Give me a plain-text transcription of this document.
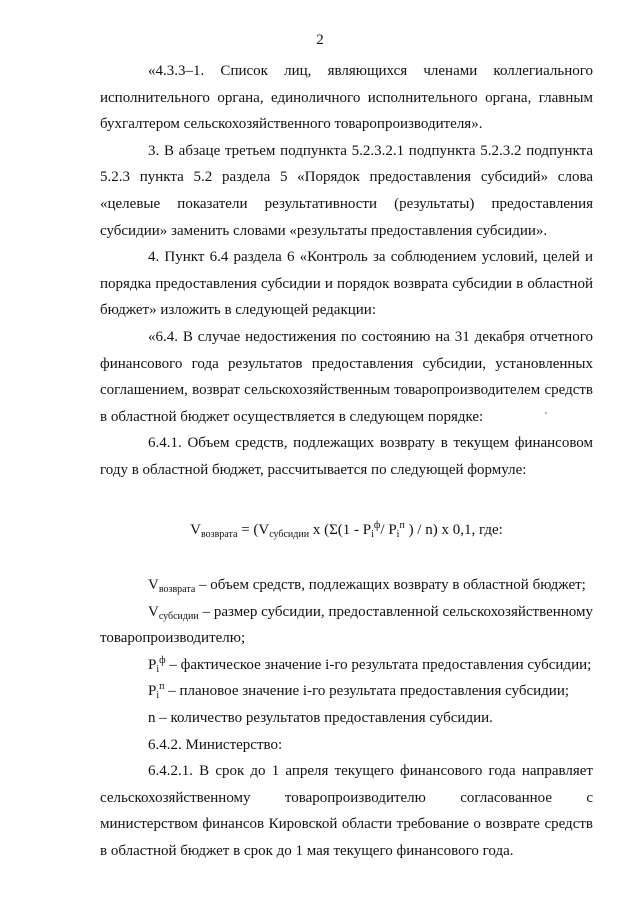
2

«4.3.3–1. Список лиц, являющихся членами коллегиального исполнительного органа, единоличного исполнительного органа, главным бухгалтером сельскохозяйственного товаропроизводителя».

3. В абзаце третьем подпункта 5.2.3.2.1 подпункта 5.2.3.2 подпункта 5.2.3 пункта 5.2 раздела 5 «Порядок предоставления субсидий» слова «целевые показатели результативности (результаты) предоставления субсидии» заменить словами «результаты предоставления субсидии».

4. Пункт 6.4 раздела 6 «Контроль за соблюдением условий, целей и порядка предоставления субсидии и порядок возврата субсидии в областной бюджет» изложить в следующей редакции:

«6.4. В случае недостижения по состоянию на 31 декабря отчетного финансового года результатов предоставления субсидии, установленных соглашением, возврат сельскохозяйственным товаропроизводителем средств в областной бюджет осуществляется в следующем порядке:

6.4.1. Объем средств, подлежащих возврату в текущем финансовом году в областной бюджет, рассчитывается по следующей формуле:

$V_{возврата} = (V_{субсидии}$ x ($\Sigma(1 - P_i^ф/$ $P_i^п$ ) / n) x 0,1, где:

$V_{возврата}$ – объем средств, подлежащих возврату в областной бюджет;

$V_{субсидии}$ – размер субсидии, предоставленной сельскохозяйственному товаропроизводителю;

$P_i^ф$ – фактическое значение i-го результата предоставления субсидии;

$P_i^п$ – плановое значение i-го результата предоставления субсидии;

n – количество результатов предоставления субсидии.

6.4.2. Министерство:

6.4.2.1. В срок до 1 апреля текущего финансового года направляет сельскохозяйственному товаропроизводителю согласованное с министерством финансов Кировской области требование о возврате средств в областной бюджет в срок до 1 мая текущего финансового года.
